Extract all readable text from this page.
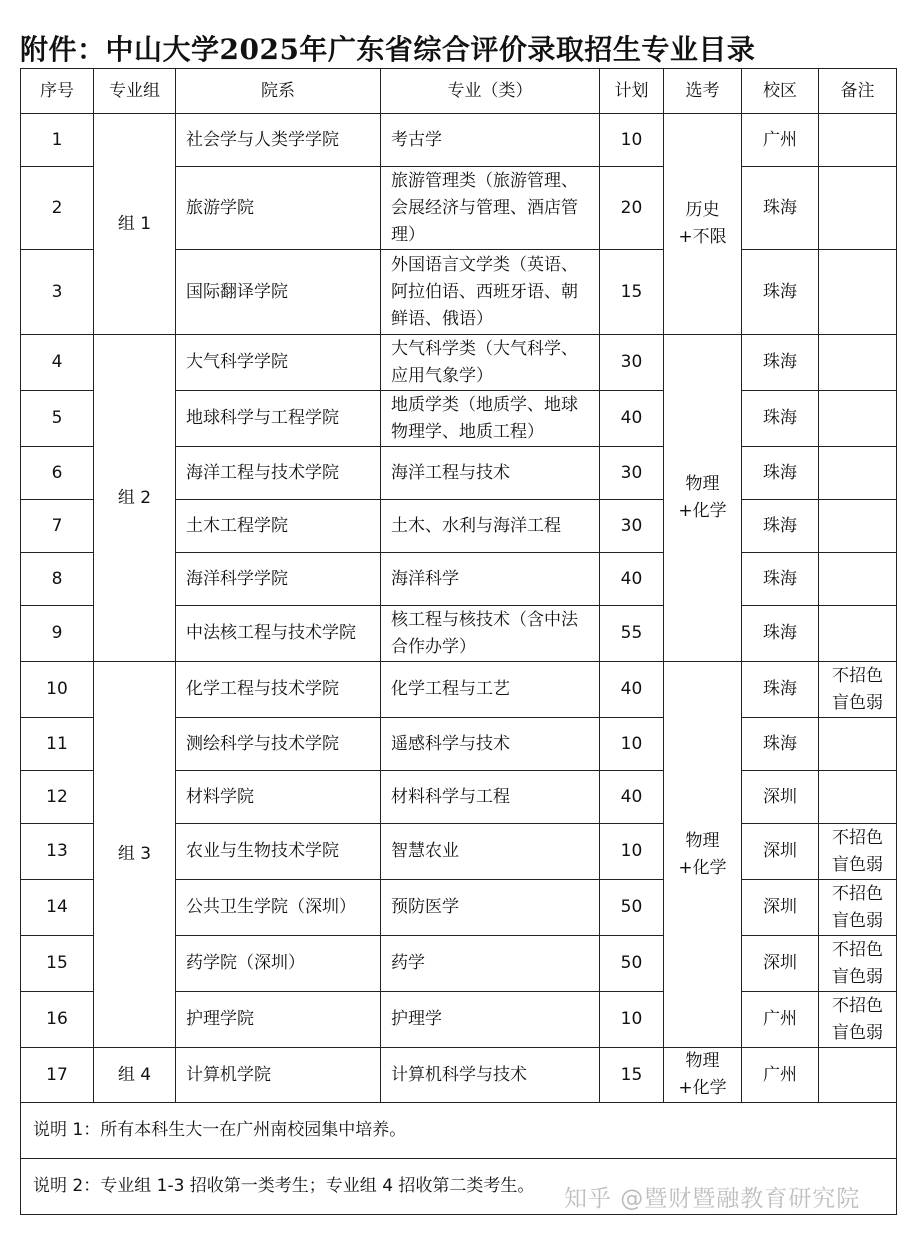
附件：中山大学2025年广东省综合评价录取招生专业目录
序号	专业组	院系	专业（类）	计划	选考	校区	备注
1	组 1	社会学与人类学学院	考古学	10	历史+不限	广州	
2		旅游学院	旅游管理类（旅游管理、会展经济与管理、酒店管理）	20		珠海	
3		国际翻译学院	外国语言文学类（英语、阿拉伯语、西班牙语、朝鲜语、俄语）	15		珠海	
4	组 2	大气科学学院	大气科学类（大气科学、应用气象学）	30	物理+化学	珠海	
5		地球科学与工程学院	地质学类（地质学、地球物理学、地质工程）	40		珠海	
6		海洋工程与技术学院	海洋工程与技术	30		珠海	
7		土木工程学院	土木、水利与海洋工程	30		珠海	
8		海洋科学学院	海洋科学	40		珠海	
9		中法核工程与技术学院	核工程与核技术（含中法合作办学）	55		珠海	
10	组 3	化学工程与技术学院	化学工程与工艺	40	物理+化学	珠海	不招色盲色弱
11		测绘科学与技术学院	遥感科学与技术	10		珠海	
12		材料学院	材料科学与工程	40		深圳	
13		农业与生物技术学院	智慧农业	10		深圳	不招色盲色弱
14		公共卫生学院（深圳）	预防医学	50		深圳	不招色盲色弱
15		药学院（深圳）	药学	50		深圳	不招色盲色弱
16		护理学院	护理学	10		广州	不招色盲色弱
17	组 4	计算机学院	计算机科学与技术	15	物理+化学	广州	
说明 1：所有本科生大一在广州南校园集中培养。							
说明 2：专业组 1-3 招收第一类考生；专业组 4 招收第二类考生。							知乎 @暨财暨融教育研究院
